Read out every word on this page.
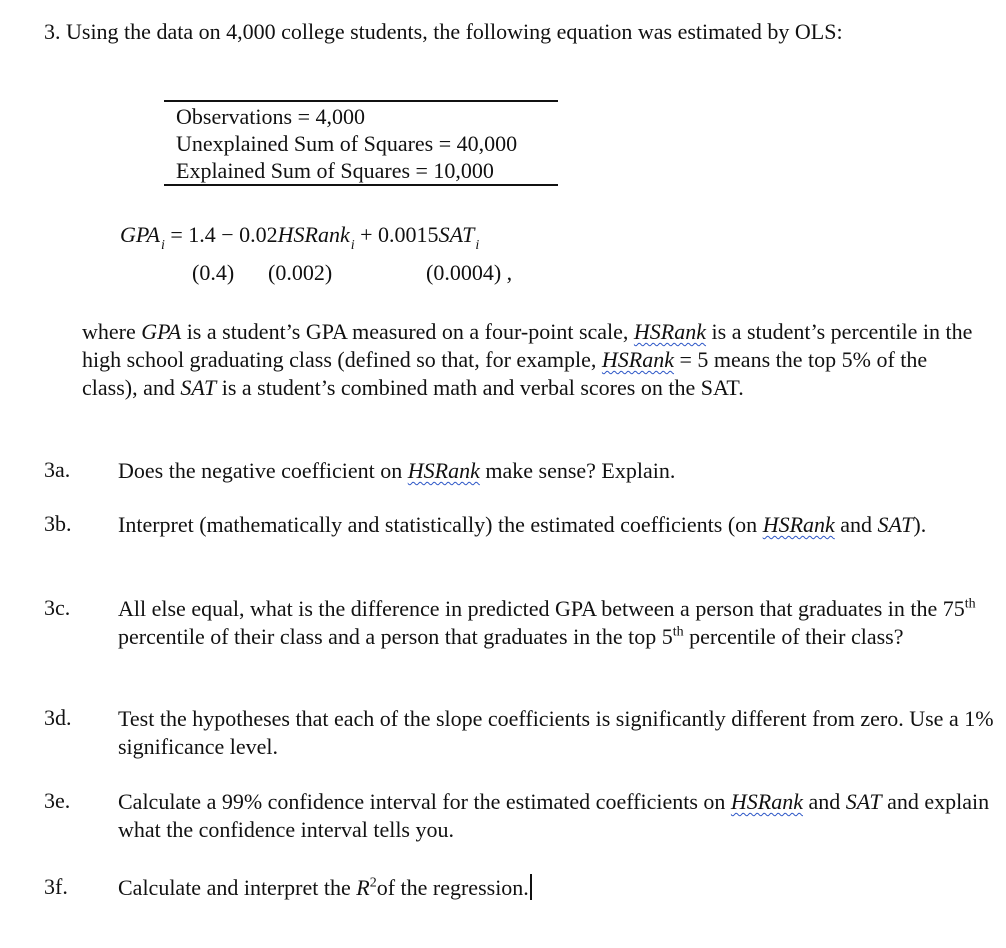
3. Using the data on 4,000 college students, the following equation was estimated by OLS:
Observations = 4,000
Unexplained Sum of Squares = 40,000
Explained Sum of Squares = 10,000
$GPA_i = 1.4$ − 0.02HSRank$_i$ + $0.0015SAT_i$
(0.4) (0.002)	(0.0004) ,
where GPA is a student’s GPA measured on a four-point scale, HSRank is a student’s percentile in the high school graduating class (defined so that, for example, HSRank = 5 means the top 5% of the class), and SAT is a student’s combined math and verbal scores on the SAT.
3a. Does the negative coefficient on HSRank make sense? Explain.
3b. Interpret (mathematically and statistically) the estimated coefficients (on HSRank and SAT).
3c. All else equal, what is the difference in predicted GPA between a person that graduates in the 75th percentile of their class and a person that graduates in the top 5th percentile of their class?
3d. Test the hypotheses that each of the slope coefficients is significantly different from zero. Use a 1% significance level.
3e. Calculate a 99% confidence interval for the estimated coefficients on HSRank and SAT and explain what the confidence interval tells you.
3f. Calculate and interpret the $R^2of$ the regression.
